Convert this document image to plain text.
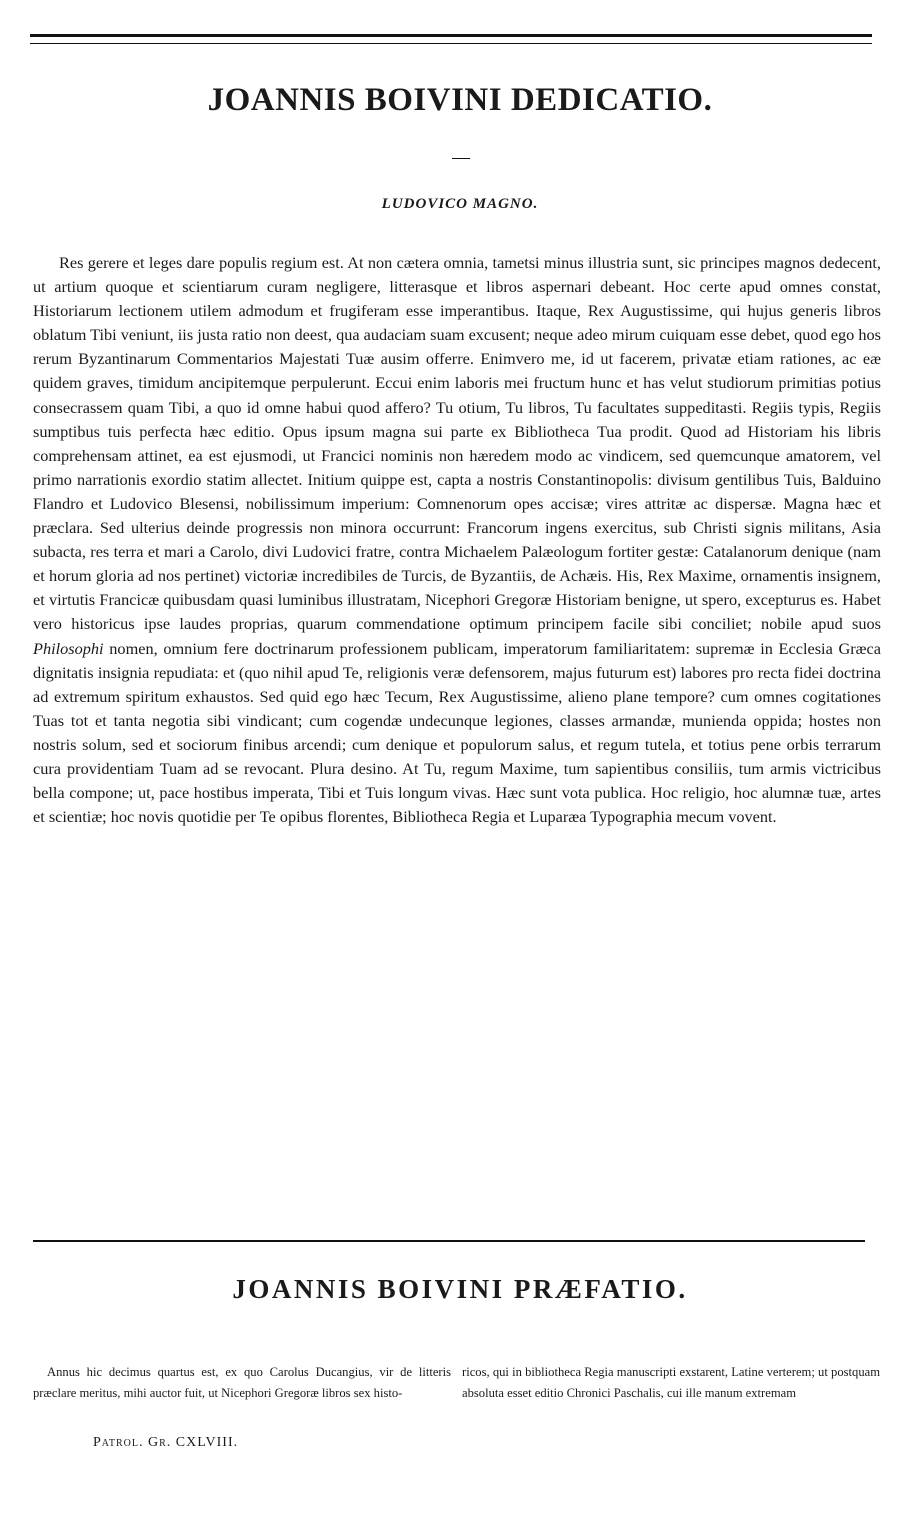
JOANNIS BOIVINI DEDICATIO.
LUDOVICO MAGNO.

Res gerere et leges dare populis regium est. At non cætera omnia, tametsi minus illustria sunt, sic principes magnos dedecent, ut artium quoque et scientiarum curam negligere, litterasque et libros aspernari debeant. Hoc certe apud omnes constat, Historiarum lectionem utilem admodum et frugiferam esse imperantibus. Itaque, Rex Augustissime, qui hujus generis libros oblatum Tibi veniunt, iis justa ratio non deest, qua audaciam suam excusent; neque adeo mirum cuiquam esse debet, quod ego hos rerum Byzantinarum Commentarios Majestati Tuæ ausim offerre. Enimvero me, id ut facerem, privatæ etiam rationes, ac eæ quidem graves, timidum ancipitemque perpulerunt. Eccui enim laboris mei fructum hunc et has velut studiorum primitias potius consecrassem quam Tibi, a quo id omne habui quod affero? Tu otium, Tu libros, Tu facultates suppeditasti. Regiis typis, Regiis sumptibus tuis perfecta hæc editio. Opus ipsum magna sui parte ex Bibliotheca Tua prodit. Quod ad Historiam his libris comprehensam attinet, ea est ejusmodi, ut Francici nominis non hæredem modo ac vindicem, sed quemcunque amatorem, vel primo narrationis exordio statim allectet. Initium quippe est, capta a nostris Constantinopolis: divisum gentilibus Tuis, Balduino Flandro et Ludovico Blesensi, nobilissimum imperium: Comnenorum opes accisæ; vires attritæ ac dispersæ. Magna hæc et præclara. Sed ulterius deinde progressis non minora occurrunt: Francorum ingens exercitus, sub Christi signis militans, Asia subacta, res terra et mari a Carolo, divi Ludovici fratre, contra Michaelem Palæologum fortiter gestæ: Catalanorum denique (nam et horum gloria ad nos pertinet) victoriæ incredibiles de Turcis, de Byzantiis, de Achæis. His, Rex Maxime, ornamentis insignem, et virtutis Francicæ quibusdam quasi luminibus illustratam, Nicephori Gregoræ Historiam benigne, ut spero, excepturus es. Habet vero historicus ipse laudes proprias, quarum commendatione optimum principem facile sibi conciliet; nobile apud suos Philosophi nomen, omnium fere doctrinarum professionem publicam, imperatorum familiaritatem: supremæ in Ecclesia Græca dignitatis insignia repudiata: et (quo nihil apud Te, religionis veræ defensorem, majus futurum est) labores pro recta fidei doctrina ad extremum spiritum exhaustos. Sed quid ego hæc Tecum, Rex Augustissime, alieno plane tempore? cum omnes cogitationes Tuas tot et tanta negotia sibi vindicant; cum cogendæ undecunque legiones, classes armandæ, munienda oppida; hostes non nostris solum, sed et sociorum finibus arcendi; cum denique et populorum salus, et regum tutela, et totius pene orbis terrarum cura providentiam Tuam ad se revocant. Plura desino. At Tu, regum Maxime, tum sapientibus consiliis, tum armis victricibus bella compone; ut, pace hostibus imperata, Tibi et Tuis longum vivas. Hæc sunt vota publica. Hoc religio, hoc alumnæ tuæ, artes et scientiæ; hoc novis quotidie per Te opibus florentes, Bibliotheca Regia et Luparæa Typographia mecum vovent.

JOANNIS BOIVINI PRÆFATIO.

Annus hic decimus quartus est, ex quo Carolus Ducangius, vir de litteris præclare meritus, mihi auctor fuit, ut Nicephori Gregoræ libros sex histo-

ricos, qui in bibliotheca Regia manuscripti exstarent, Latine verterem; ut postquam absoluta esset editio Chronici Paschalis, cui ille manum extremam

Patrol. Gr. CXLVIII.
